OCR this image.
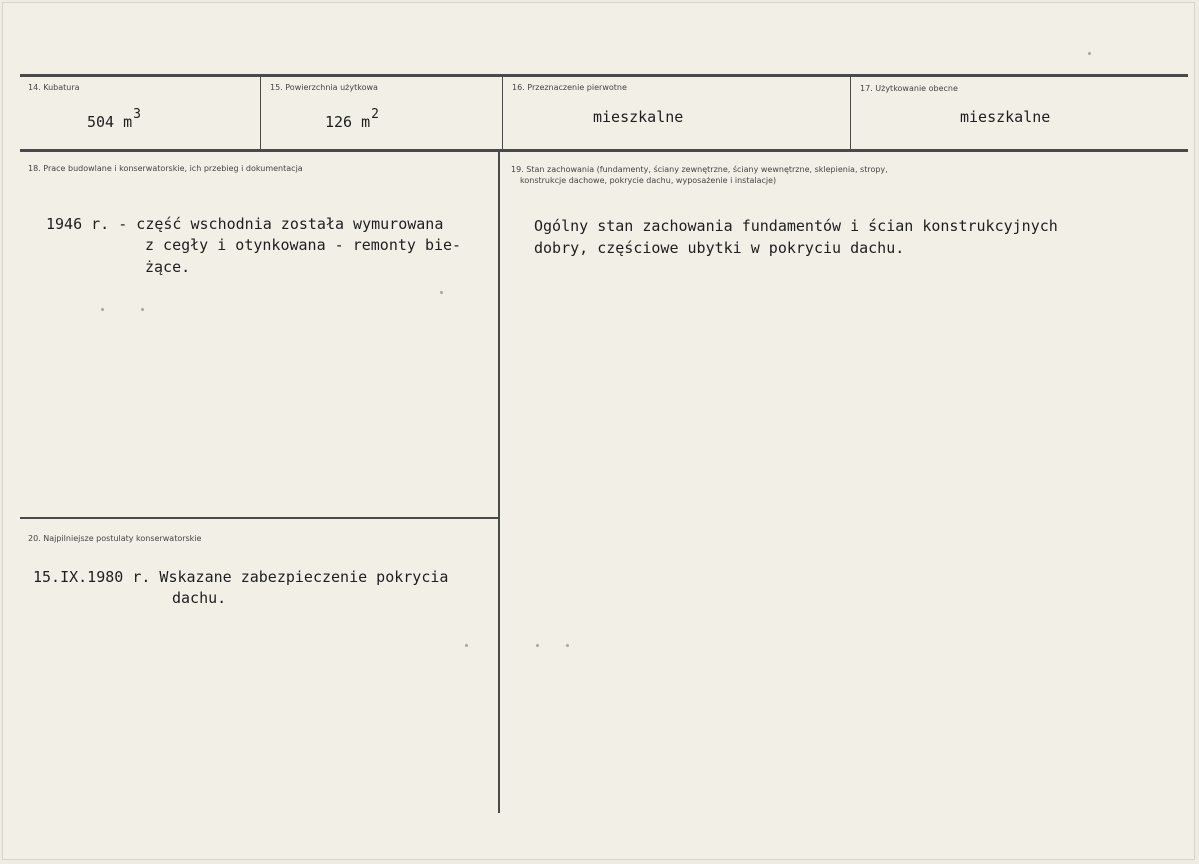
14. Kubatura
504 $m^3$
15. Powierzchnia użytkowa
126 $m^2$
16. Przeznaczenie pierwotne
mieszkalne
17. Użytkowanie obecne
mieszkalne
18. Prace budowlane i konserwatorskie, ich przebieg i dokumentacja
1946 r. - część wschodnia została wymurowana
z cegły i otynkowana - remonty bie-
żące.
19. Stan zachowania (fundamenty, ściany zewnętrzne, ściany wewnętrzne, sklepienia, stropy,
konstrukcje dachowe, pokrycie dachu, wyposażenie i instalacje)
Ogólny stan zachowania fundamentów i ścian konstrukcyjnych
dobry, częściowe ubytki w pokryciu dachu.
20. Najpilniejsze postulaty konserwatorskie
15.IX.1980 r. Wskazane zabezpieczenie pokrycia
dachu.
